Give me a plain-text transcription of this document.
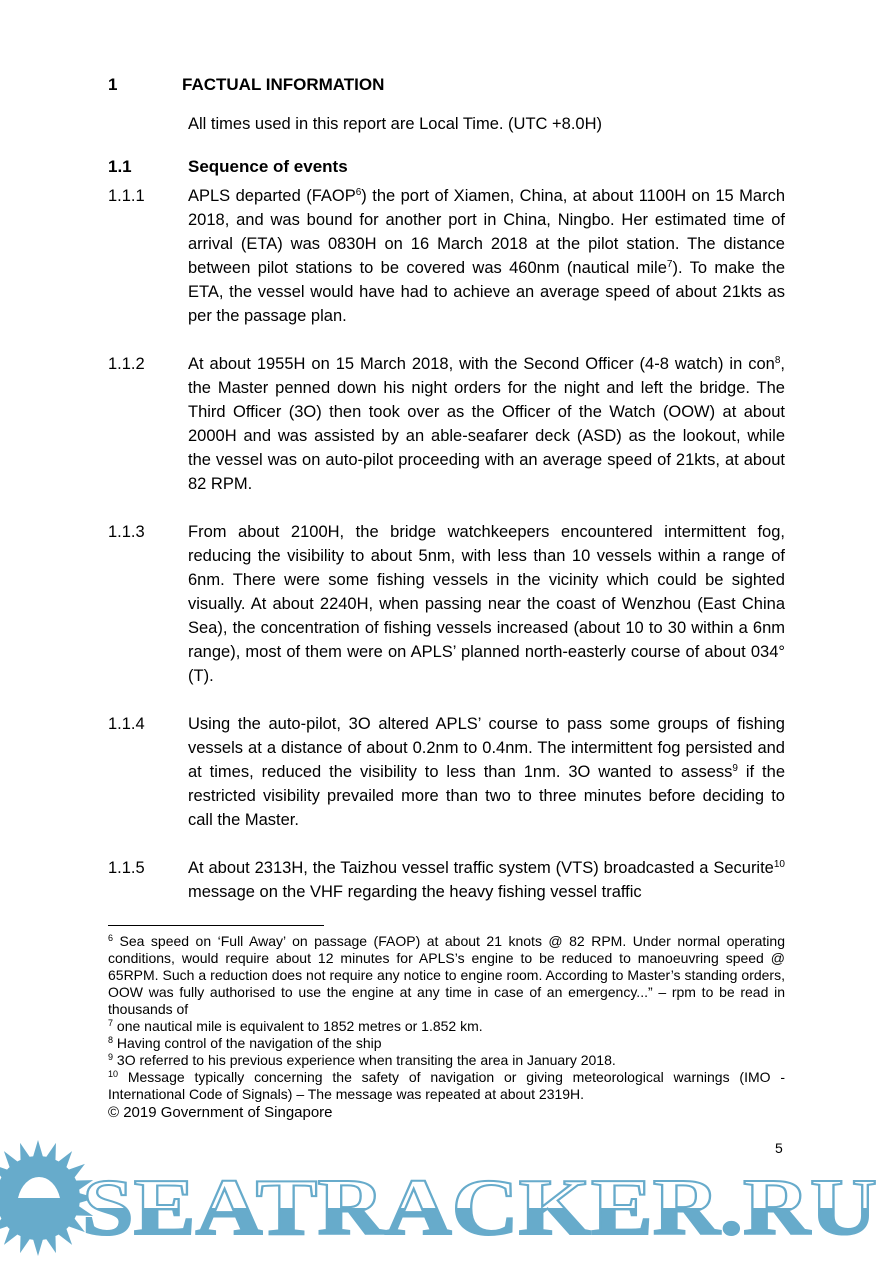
1	FACTUAL INFORMATION
All times used in this report are Local Time. (UTC +8.0H)
1.1	Sequence of events
1.1.1	APLS departed (FAOP$^6$) the port of Xiamen, China, at about 1100H on 15 March 2018, and was bound for another port in China, Ningbo. Her estimated time of arrival (ETA) was 0830H on 16 March 2018 at the pilot station. The distance between pilot stations to be covered was 460nm (nautical mile$^7$). To make the ETA, the vessel would have had to achieve an average speed of about 21kts as per the passage plan.
1.1.2	At about 1955H on 15 March 2018, with the Second Officer (4-8 watch) in con$^8$, the Master penned down his night orders for the night and left the bridge. The Third Officer (3O) then took over as the Officer of the Watch (OOW) at about 2000H and was assisted by an able-seafarer deck (ASD) as the lookout, while the vessel was on auto-pilot proceeding with an average speed of 21kts, at about 82 RPM.
1.1.3	From about 2100H, the bridge watchkeepers encountered intermittent fog, reducing the visibility to about 5nm, with less than 10 vessels within a range of 6nm. There were some fishing vessels in the vicinity which could be sighted visually. At about 2240H, when passing near the coast of Wenzhou (East China Sea), the concentration of fishing vessels increased (about 10 to 30 within a 6nm range), most of them were on APLS’ planned north-easterly course of about 034°(T).
1.1.4	Using the auto-pilot, 3O altered APLS’ course to pass some groups of fishing vessels at a distance of about 0.2nm to 0.4nm. The intermittent fog persisted and at times, reduced the visibility to less than 1nm. 3O wanted to assess$^9$ if the restricted visibility prevailed more than two to three minutes before deciding to call the Master.
1.1.5	At about 2313H, the Taizhou vessel traffic system (VTS) broadcasted a Securite$^{10}$ message on the VHF regarding the heavy fishing vessel traffic
$^6$ Sea speed on ‘Full Away’ on passage (FAOP) at about 21 knots @ 82 RPM. Under normal operating conditions, would require about 12 minutes for APLS’s engine to be reduced to manoeuvring speed @ 65RPM. Such a reduction does not require any notice to engine room. According to Master’s standing orders, OOW was fully authorised to use the engine at any time in case of an emergency...” – rpm to be read in thousands of
$^7$ one nautical mile is equivalent to 1852 metres or 1.852 km.
$^8$ Having control of the navigation of the ship
$^9$ 3O referred to his previous experience when transiting the area in January 2018.
$^{10}$ Message typically concerning the safety of navigation or giving meteorological warnings (IMO - International Code of Signals) – The message was repeated at about 2319H.
© 2019 Government of Singapore
5
SEATRACKER.RU
